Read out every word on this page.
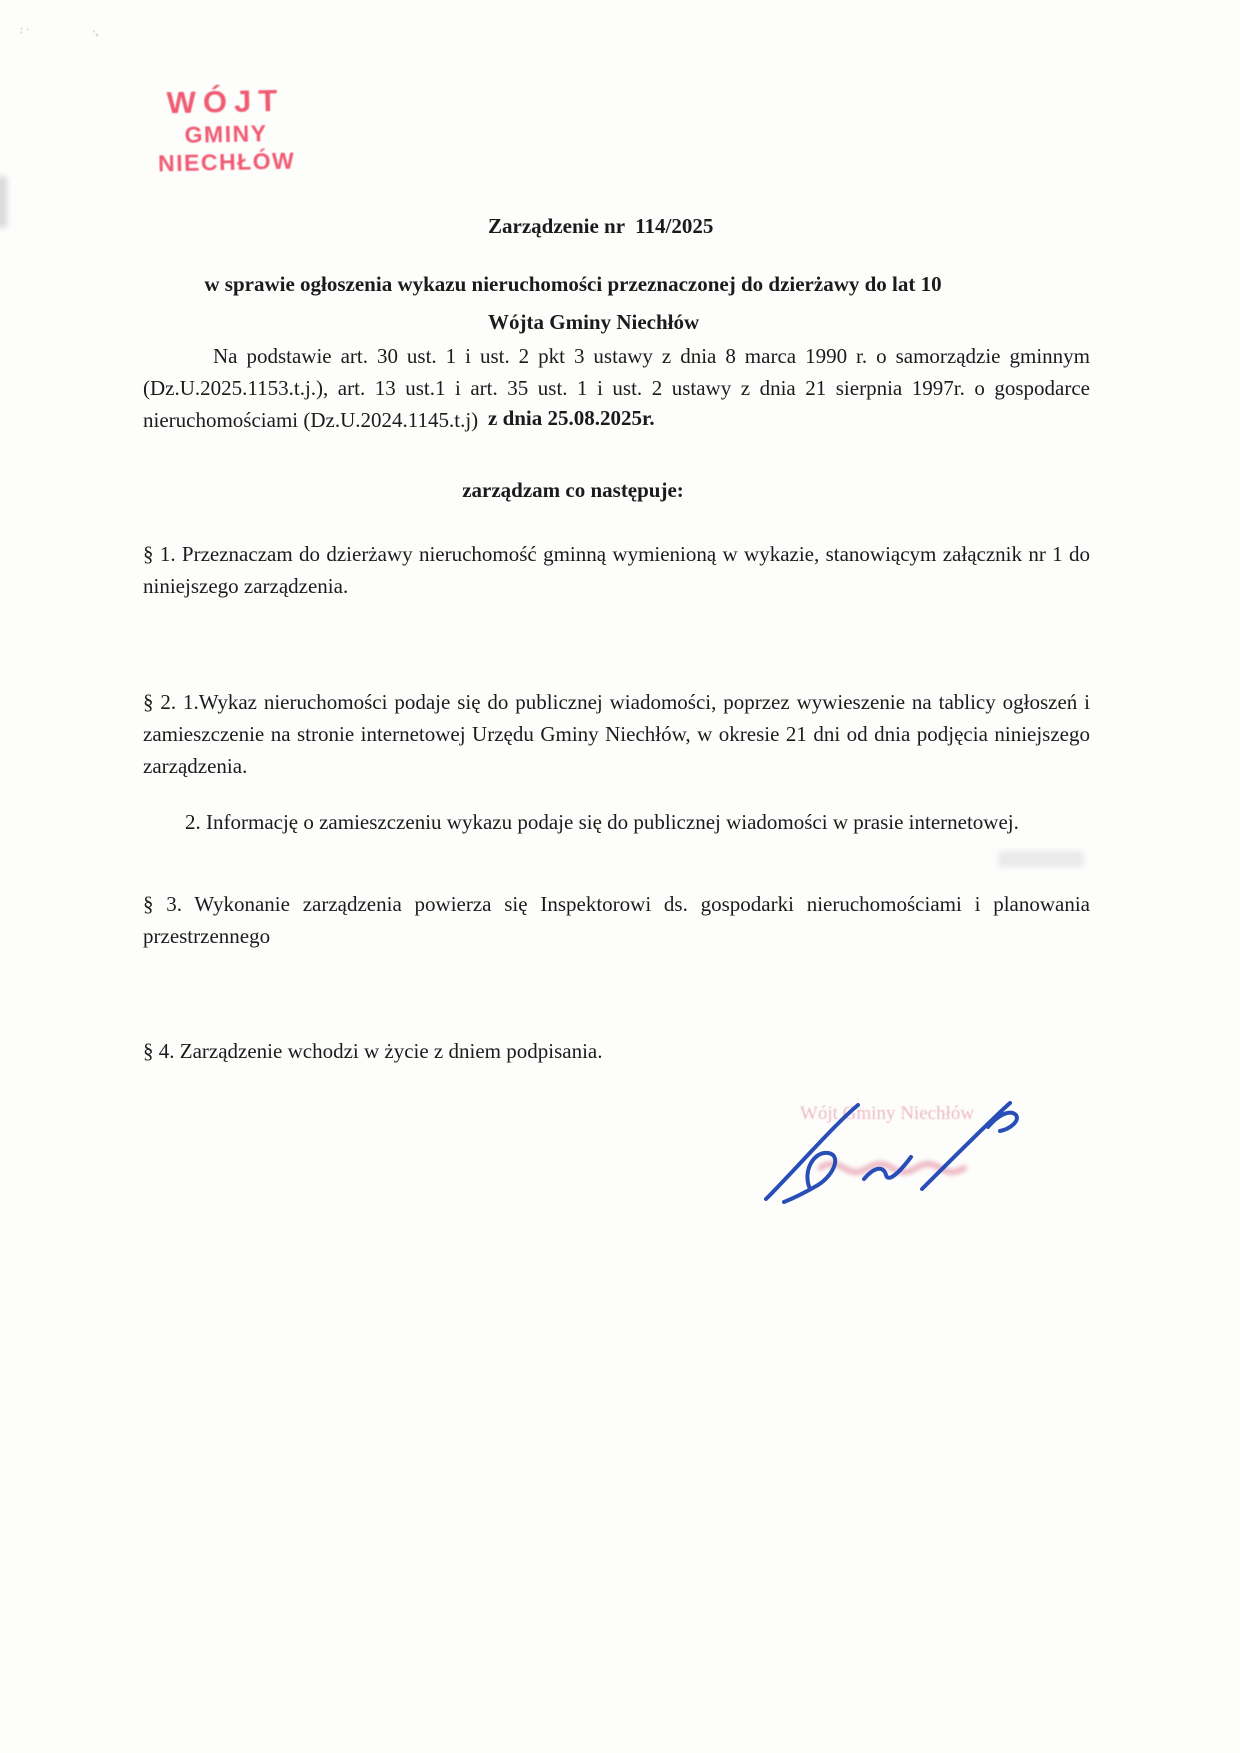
: ·	·,
WÓJT
GMINY NIECHŁÓW

Zarządzenie nr  114/2025

Wójta Gminy Niechłów

z dnia 25.08.2025r.

w sprawie ogłoszenia wykazu nieruchomości przeznaczonej do dzierżawy do lat 10
Na podstawie art. 30 ust. 1 i ust. 2 pkt 3 ustawy z dnia 8 marca 1990 r. o samorządzie gminnym (Dz.U.2025.1153.t.j.), art. 13 ust.1 i art. 35 ust. 1 i ust. 2 ustawy z dnia 21 sierpnia 1997r. o gospodarce nieruchomościami (Dz.U.2024.1145.t.j)
zarządzam co następuje:
§ 1. Przeznaczam do dzierżawy nieruchomość gminną wymienioną w wykazie, stanowiącym załącznik nr 1 do niniejszego zarządzenia.
§ 2. 1.Wykaz nieruchomości podaje się do publicznej wiadomości, poprzez wywieszenie na tablicy ogłoszeń i zamieszczenie na stronie internetowej Urzędu Gminy Niechłów, w okresie 21 dni od dnia podjęcia niniejszego zarządzenia.
2. Informację o zamieszczeniu wykazu podaje się do publicznej wiadomości w prasie internetowej.
§ 3. Wykonanie zarządzenia powierza się Inspektorowi ds. gospodarki nieruchomościami i planowania przestrzennego
§ 4. Zarządzenie wchodzi w życie z dniem podpisania.
Wójt Gminy Niechłów
